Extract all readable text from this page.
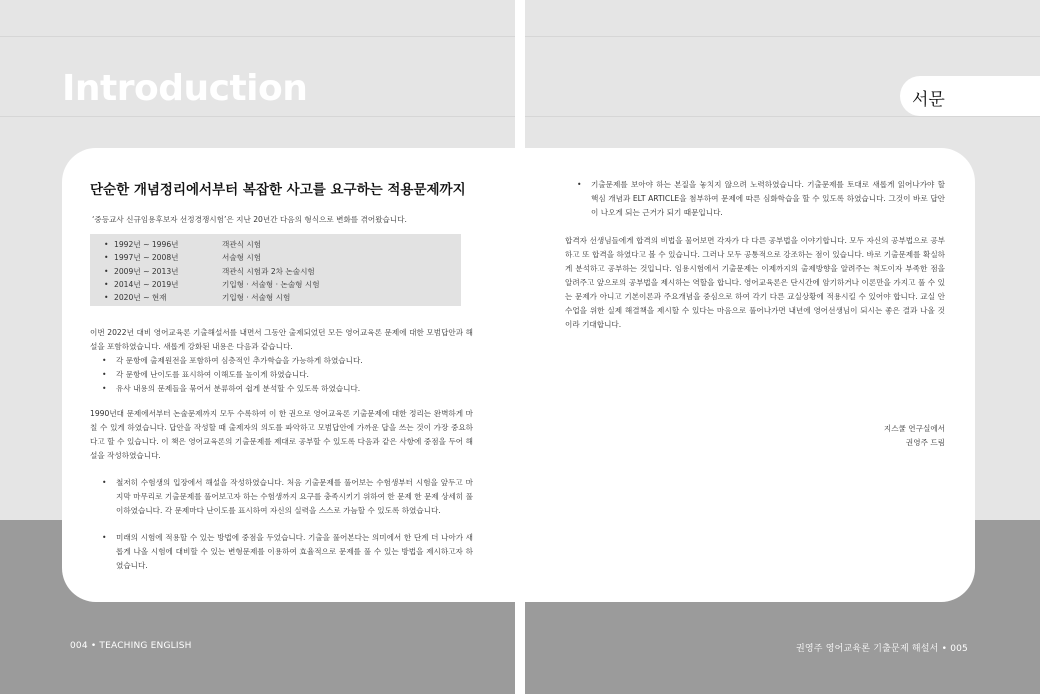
Introduction
단순한 개념정리에서부터 복잡한 사고를 요구하는 적용문제까지
‘중등교사 신규임용후보자 선정경쟁시험’은 지난 20년간 다음의 형식으로 변화를 겪어왔습니다.
• 1992년 ~ 1996년	객관식 시험
• 1997년 ~ 2008년	서술형 시험
• 2009년 ~ 2013년	객관식 시험과 2차 논술시험
• 2014년 ~ 2019년	기입형 · 서술형 · 논술형 시험
• 2020년 ~ 현재	기입형 · 서술형 시험
이번 2022년 대비 영어교육론 기출해설서를 내면서 그동안 출제되었던 모든 영어교육론 문제에 대한 모범답안과 해설을 포함하였습니다. 새롭게 강화된 내용은 다음과 같습니다.
•	각 문항에 출제원전을 포함하여 심층적인 추가학습을 가능하게 하였습니다.
•	각 문항에 난이도를 표시하여 이해도를 높이게 하였습니다.
•	유사 내용의 문제들을 묶어서 분류하여 쉽게 분석할 수 있도록 하였습니다.
1990년대 문제에서부터 논술문제까지 모두 수록하여 이 한 권으로 영어교육론 기출문제에 대한 정리는 완벽하게 마칠 수 있게 하였습니다. 답안을 작성할 때 출제자의 의도를 파악하고 모범답안에 가까운 답을 쓰는 것이 가장 중요하다고 할 수 있습니다. 이 책은 영어교육론의 기출문제를 제대로 공부할 수 있도록 다음과 같은 사항에 중점을 두어 해설을 작성하였습니다.
•	철저히 수험생의 입장에서 해설을 작성하였습니다. 처음 기출문제를 풀어보는 수험생부터 시험을 앞두고 마지막 마무리로 기출문제를 풀어보고자 하는 수험생까지 요구를 충족시키기 위하여 한 문제 한 문제 상세히 풀이하였습니다. 각 문제마다 난이도를 표시하여 자신의 실력을 스스로 가늠할 수 있도록 하였습니다.
•	미래의 시험에 적용할 수 있는 방법에 중점을 두었습니다. 기출을 풀어본다는 의미에서 한 단계 더 나아가 새롭게 나올 시험에 대비할 수 있는 변형문제를 이용하여 효율적으로 문제를 풀 수 있는 방법을 제시하고자 하였습니다.
004 • TEACHING ENGLISH
서문
•	기출문제를 보아야 하는 본질을 놓치지 않으려 노력하였습니다. 기출문제를 토대로 새롭게 읽어나가야 할 핵심 개념과 ELT ARTICLE을 첨부하여 문제에 따른 심화학습을 할 수 있도록 하였습니다. 그것이 바로 답안이 나오게 되는 근거가 되기 때문입니다.
합격자 선생님들에게 합격의 비법을 물어보면 각자가 다 다른 공부법을 이야기합니다. 모두 자신의 공부법으로 공부하고 또 합격을 하였다고 볼 수 있습니다. 그러나 모두 공통적으로 강조하는 점이 있습니다. 바로 기출문제를 확실하게 분석하고 공부하는 것입니다. 임용시험에서 기출문제는 이제까지의 출제방향을 알려주는 척도이자 부족한 점을 알려주고 앞으로의 공부법을 제시하는 역할을 합니다. 영어교육론은 단시간에 암기하거나 이론만을 가지고 풀 수 있는 문제가 아니고 기본이론과 주요개념을 중심으로 하여 각기 다른 교실상황에 적용시킬 수 있어야 합니다. 교실 안 수업을 위한 실제 해결책을 제시할 수 있다는 마음으로 풀어나가면 내년에 영어선생님이 되시는 좋은 결과 나올 것이라 기대합니다.
지스쿨 연구실에서
권영주 드림
권영주 영어교육론 기출문제 해설서 • 005
